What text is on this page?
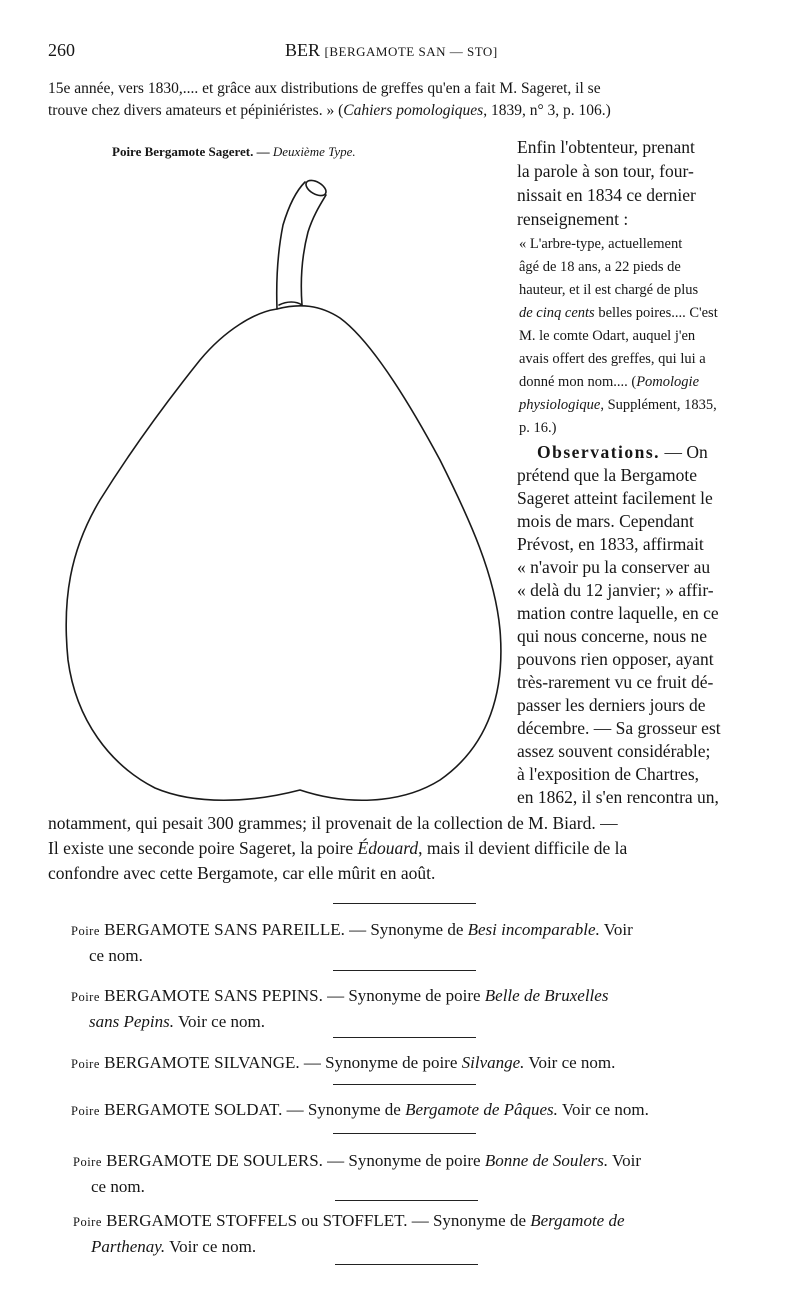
260	BER [BERGAMOTE SAN — STO]
15e année, vers 1830,.... et grâce aux distributions de greffes qu'en a fait M. Sageret, il se
trouve chez divers amateurs et pépiniéristes. » (Cahiers pomologiques, 1839, n° 3, p. 106.)
Poire Bergamote Sageret. — Deuxième Type.	Enfin l'obtenteur, prenant
la parole à son tour, four-
nissait en 1834 ce dernier
renseignement :
« L'arbre-type, actuellement
âgé de 18 ans, a 22 pieds de
hauteur, et il est chargé de plus
de cinq cents belles poires.... C'est
M. le comte Odart, auquel j'en
avais offert des greffes, qui lui a
donné mon nom.... (Pomologie
physiologique, Supplément, 1835,
p. 16.)
Observations. — On
prétend que la Bergamote
Sageret atteint facilement le
mois de mars. Cependant
Prévost, en 1833, affirmait
« n'avoir pu la conserver au
« delà du 12 janvier; » affir-
mation contre laquelle, en ce
qui nous concerne, nous ne
pouvons rien opposer, ayant
très-rarement vu ce fruit dé-
passer les derniers jours de
décembre. — Sa grosseur est
assez souvent considérable;
à l'exposition de Chartres,
en 1862, il s'en rencontra un,
notamment, qui pesait 300 grammes; il provenait de la collection de M. Biard. —
Il existe une seconde poire Sageret, la poire Édouard, mais il devient difficile de la
confondre avec cette Bergamote, car elle mûrit en août.
Poire BERGAMOTE SANS PAREILLE. — Synonyme de Besi incomparable. Voir
ce nom.
Poire BERGAMOTE SANS PEPINS. — Synonyme de poire Belle de Bruxelles
sans Pepins. Voir ce nom.
Poire BERGAMOTE SILVANGE. — Synonyme de poire Silvange. Voir ce nom.
Poire BERGAMOTE SOLDAT. — Synonyme de Bergamote de Pâques. Voir ce nom.
Poire BERGAMOTE DE SOULERS. — Synonyme de poire Bonne de Soulers. Voir
ce nom.
Poire BERGAMOTE STOFFELS ou STOFFLET. — Synonyme de Bergamote de
Parthenay. Voir ce nom.
